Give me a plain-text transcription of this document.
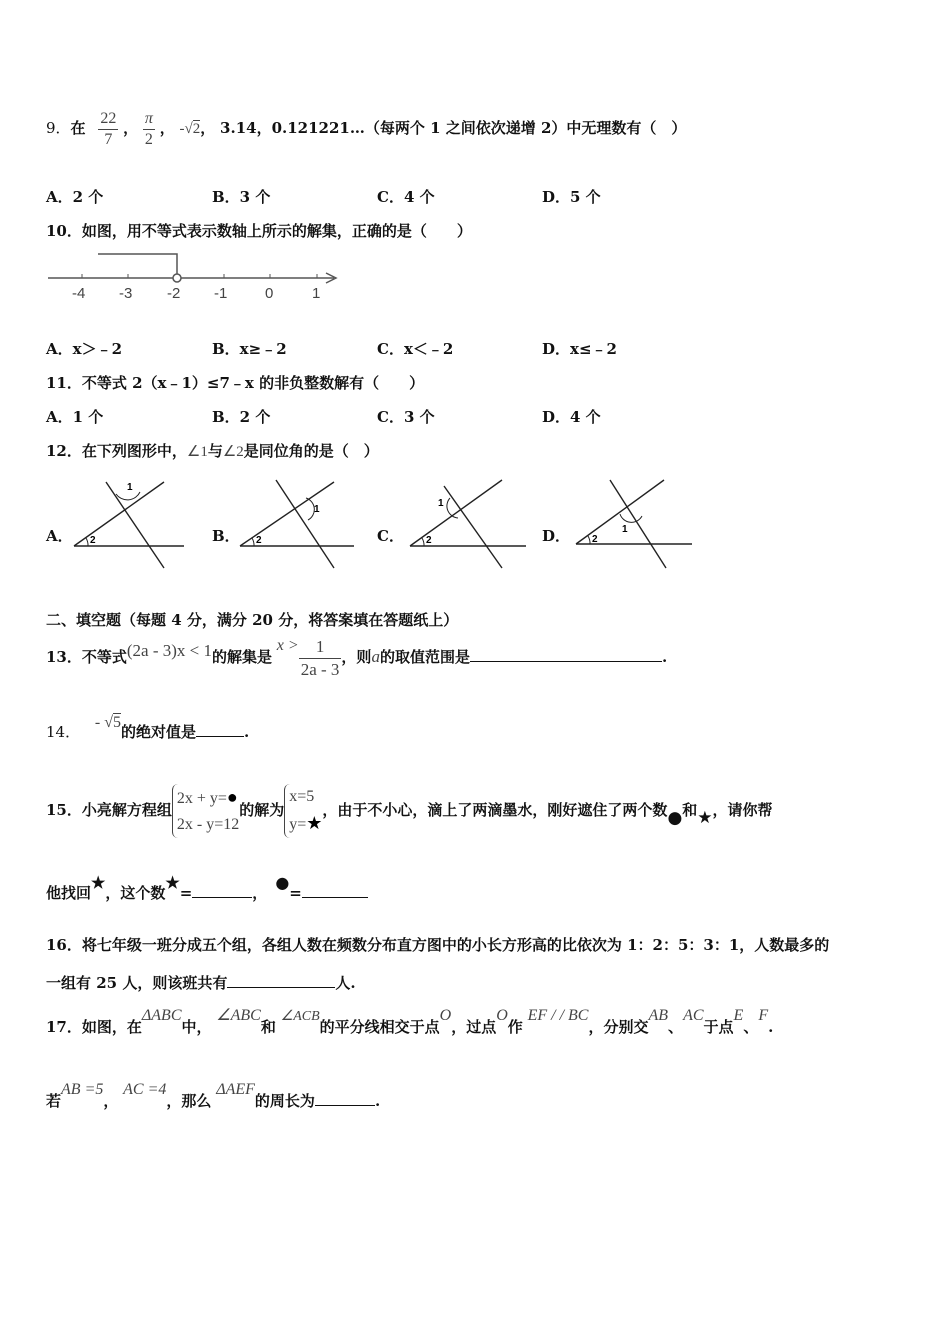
9．在 $\frac{22}{7}$ ， $\frac{\pi}{2}$ ， -√2， 3.14，0.121221…（每两个 1 之间依次递增 2）中无理数有（　）
A．2 个	B．3 个	C．4 个	D．5 个
10．如图，用不等式表示数轴上所示的解集，正确的是（　　）
-4 -3 -2 -1	0	1
A．x＞﹣2	B．x≥﹣2	C．x＜﹣2	D．x≤﹣2
11．不等式 2（x﹣1）≤7﹣x 的非负整数解有（　　）
A．1 个	B．2 个	C．3 个	D．4 个
12．在下列图形中，∠1与∠2是同位角的是（　）
A．	B．	C．	D．
1
2
1
2
1
2
1
2
二、填空题（每题 4 分，满分 20 分，将答案填在答题纸上）
13．不等式(2a - 3)x < 1的解集是 $x > \frac{1}{2a - 3}$ ，则a的取值范围是	.
14． - √5的绝对值是	.
15．小亮解方程组
2x + y=●
2x - y=12
的解为
x=5
y=★
，由于不小心，滴上了两滴墨水，刚好遮住了两个数●和★，请你帮
他找回★，这个数★=	，●=
16．将七年级一班分成五个组，各组人数在频数分布直方图中的小长方形高的比依次为 1：2：5：3：1，人数最多的
一组有 25 人，则该班共有	人.
17．如图，在ΔABC中， ∠ABC和 ∠ACB的平分线相交于点O，过点O作 EF / / BC，分别交AB、AC于点E、F.
若AB =5， AC =4，那么 ΔAEF的周长为	.
